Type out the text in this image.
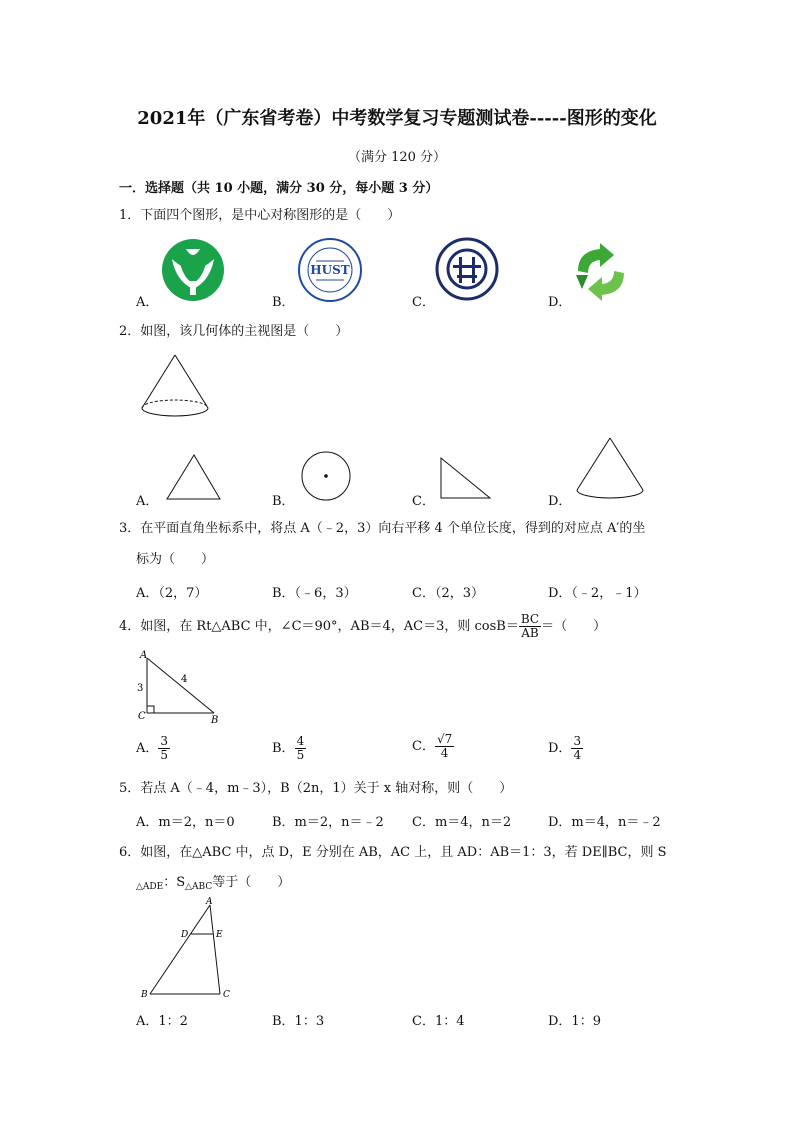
2021年（广东省考卷）中考数学复习专题测试卷-----图形的变化
（满分 120 分）
一．选择题（共 10 小题，满分 30 分，每小题 3 分）
1．下面四个图形，是中心对称图形的是（　　）
A．	B．	C．	D．
HUST
2．如图，该几何体的主视图是（　　）
A．	B．	C．	D．
3．在平面直角坐标系中，将点 A（﹣2，3）向右平移 4 个单位长度，得到的对应点 A′的坐
标为（　　）
A．（2，7）	B．（﹣6，3）	C．（2，3）	D．（﹣2，﹣1）
4．如图，在 Rt△ABC 中，∠C＝90°，AB＝4，AC＝3，则 $\cos B= \frac{BC}{AB}$ ＝（　　）
A
B
C
3
4
A． $\frac{3}{5}$	B． $\frac{4}{5}$	C． $\frac{√7}{4}$	D． $\frac{3}{4}$
5．若点 A（﹣4，m﹣3），B（2n，1）关于 x 轴对称，则（　　）
A．m＝2，n＝0	B．m＝2，n＝﹣2 C．m＝4，n＝2	D．m＝4，n＝﹣2
6．如图，在△ABC 中，点 D，E 分别在 AB，AC 上，且 AD：AB＝1：3，若 DE∥BC，则 S
$_{\triangle ADE}$：$S_{\triangle ABC}$等于（　　）
A
B	C
D	E
A．1：2	B．1：3	C．1：4	D．1：9
